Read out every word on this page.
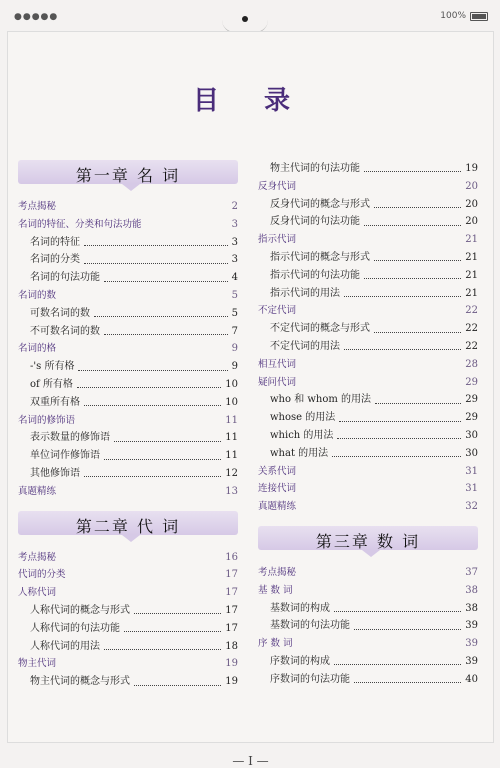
●●●●●	100%
目 录
第一章 名 词
考点揭秘	2
名词的特征、分类和句法功能	3
名词的特征	3
名词的分类	3
名词的句法功能	4
名词的数	5
可数名词的数	5
不可数名词的数	7
名词的格	9
-'s 所有格	9
of 所有格	10
双重所有格	10
名词的修饰语	11
表示数量的修饰语	11
单位词作修饰语	11
其他修饰语	12
真题精练	13
第二章 代 词
考点揭秘	16
代词的分类	17
人称代词	17
人称代词的概念与形式	17
人称代词的句法功能	17
人称代词的用法	18
物主代词	19
物主代词的概念与形式	19
物主代词的句法功能	19
反身代词	20
反身代词的概念与形式	20
反身代词的句法功能	20
指示代词	21
指示代词的概念与形式	21
指示代词的句法功能	21
指示代词的用法	21
不定代词	22
不定代词的概念与形式	22
不定代词的用法	22
相互代词	28
疑问代词	29
who 和 whom 的用法	29
whose 的用法	29
which 的用法	30
what 的用法	30
关系代词	31
连接代词	31
真题精练	32
第三章 数 词
考点揭秘	37
基 数 词	38
基数词的构成	38
基数词的句法功能	39
序 数 词	39
序数词的构成	39
序数词的句法功能	40
— I —
